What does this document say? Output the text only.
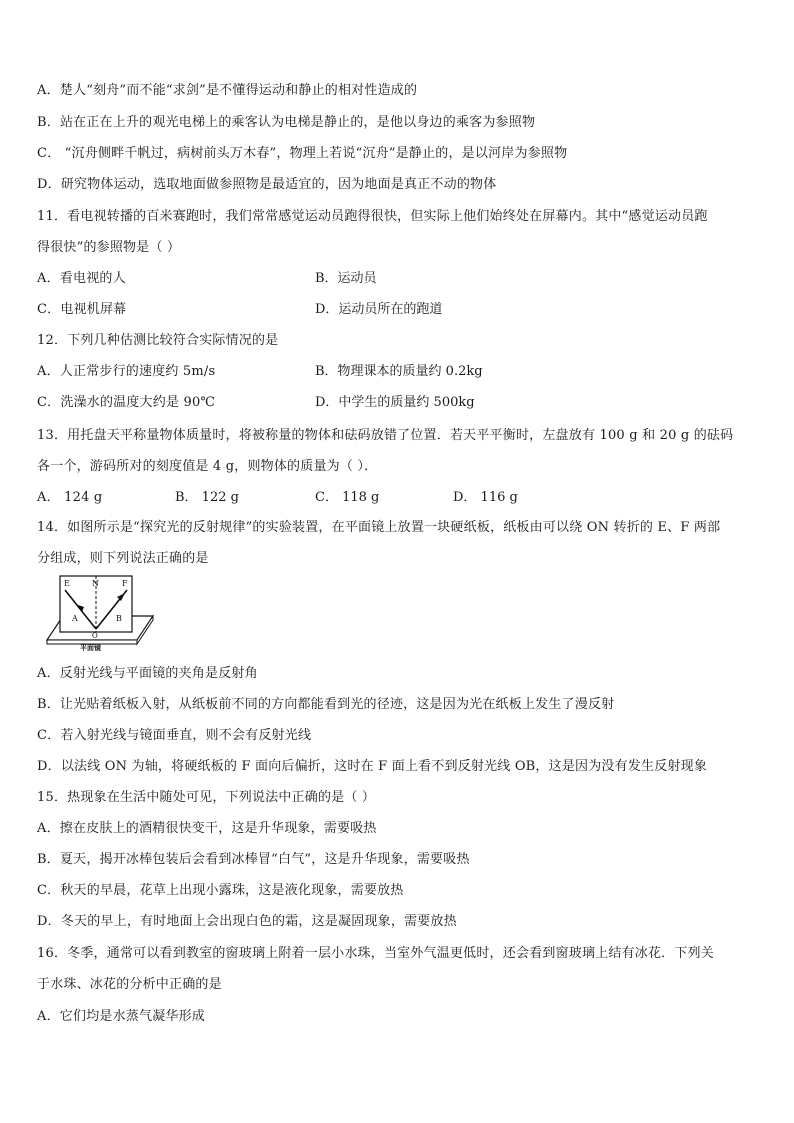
A．楚人“刻舟”而不能“求剑”是不懂得运动和静止的相对性造成的
B．站在正在上升的观光电梯上的乘客认为电梯是静止的，是他以身边的乘客为参照物
C． “沉舟侧畔千帆过，病树前头万木春”，物理上若说“沉舟”是静止的，是以河岸为参照物
D．研究物体运动，选取地面做参照物是最适宜的，因为地面是真正不动的物体
11．看电视转播的百米赛跑时，我们常常感觉运动员跑得很快，但实际上他们始终处在屏幕内。其中“感觉运动员跑
得很快”的参照物是（ ）
A．看电视的人	B．运动员
C．电视机屏幕	D．运动员所在的跑道
12．下列几种估测比较符合实际情况的是
A．人正常步行的速度约 5m/s	B．物理课本的质量约 0.2kg
C．洗澡水的温度大约是 90℃	D．中学生的质量约 500kg
13．用托盘天平称量物体质量时，将被称量的物体和砝码放错了位置．若天平平衡时，左盘放有 100 g 和 20 g 的砝码
各一个，游码所对的刻度值是 4 g，则物体的质量为（ ）．
A． 124 g	B． 122 g	C． 118 g	D． 116 g
14．如图所示是“探究光的反射规律”的实验装置，在平面镜上放置一块硬纸板，纸板由可以绕 ON 转折的 E、F 两部
分组成，则下列说法正确的是
E	N	F
A	B
O
平面镜
A．反射光线与平面镜的夹角是反射角
B．让光贴着纸板入射，从纸板前不同的方向都能看到光的径迹，这是因为光在纸板上发生了漫反射
C．若入射光线与镜面垂直，则不会有反射光线
D．以法线 ON 为轴，将硬纸板的 F 面向后偏折，这时在 F 面上看不到反射光线 OB，这是因为没有发生反射现象
15．热现象在生活中随处可见，下列说法中正确的是（ ）
A．擦在皮肤上的酒精很快变干，这是升华现象，需要吸热
B．夏天，揭开冰棒包装后会看到冰棒冒“白气”，这是升华现象，需要吸热
C．秋天的早晨，花草上出现小露珠，这是液化现象，需要放热
D．冬天的早上，有时地面上会出现白色的霜，这是凝固现象，需要放热
16．冬季，通常可以看到教室的窗玻璃上附着一层小水珠，当室外气温更低时，还会看到窗玻璃上结有冰花．下列关
于水珠、冰花的分析中正确的是
A．它们均是水蒸气凝华形成
